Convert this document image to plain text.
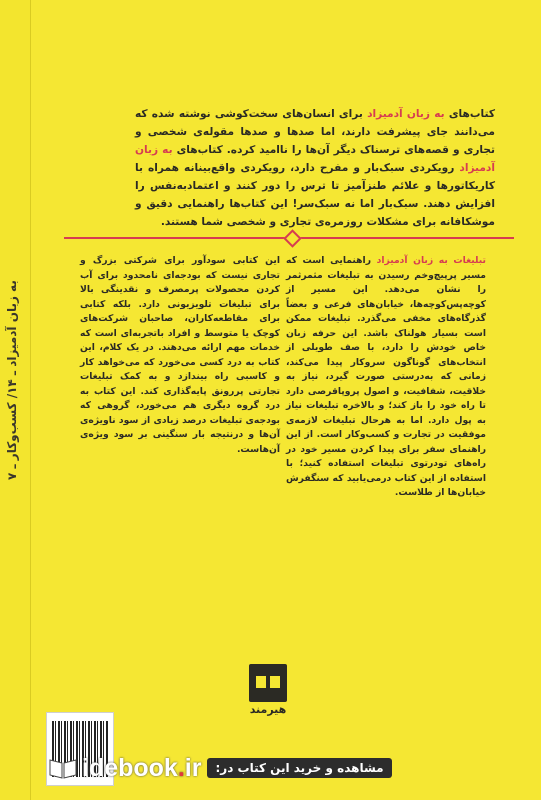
به زبان آدمیزاد ـ ۱۴/ کسب‌وکار ـ ۷
کتاب‌های به زبان آدمیزاد برای انسان‌های سخت‌کوشی نوشته شده که می‌دانند جای پیشرفت دارند، اما صدها و صدها مقوله‌ی شخصی و تجاری و قصه‌های ترسناک دیگر آن‌ها را ناامید کرده. کتاب‌های به زبان آدمیزاد رویکردی سبک‌بار و مفرح دارد، رویکردی واقع‌بینانه همراه با کاریکاتورها و علائم طنزآمیز تا ترس را دور کنند و اعتمادبه‌نفس را افزایش دهند. سبک‌بار اما نه سبک‌سر! این کتاب‌ها راهنمایی دقیق و موشکافانه برای مشکلات روزمره‌ی تجاری و شخصی شما هستند.
تبلیغات به زبان آدمیزاد راهنمایی است که مسیر پرپیچ‌وخم رسیدن به تبلیغات مثمرثمر را نشان می‌دهد. این مسیر از کوچه‌پس‌کوچه‌ها، خیابان‌های فرعی و بعضاً گذرگاه‌های مخفی می‌گذرد. تبلیغات ممکن است بسیار هولناک باشد. این حرفه زبان خاص خودش را دارد، با صف طویلی از انتخاب‌های گوناگون سروکار پیدا می‌کند، زمانی که به‌درستی صورت گیرد، نیاز به خلاقیت، شفافیت، و اصول پروپاقرصی دارد تا راه خود را باز کند؛ و بالاخره تبلیغات نیاز به پول دارد. اما به هرحال تبلیغات لازمه‌ی موفقیت در تجارت و کسب‌وکار است. از این راهنمای سفر برای پیدا کردن مسیر خود در راه‌های تودرتوی تبلیغات استفاده کنید؛ با استفاده از این کتاب درمی‌یابید که سنگفرش خیابان‌ها از طلاست.
این کتابی سودآور برای شرکتی بزرگ و تجاری نیست که بودجه‌ای نامحدود برای آب کردن محصولات پرمصرف و نقدینگی بالا برای تبلیغات تلویزیونی دارد. بلکه کتابی برای مقاطعه‌کاران، صاحبان شرکت‌های کوچک یا متوسط و افراد باتجربه‌ای است که خدمات مهم ارائه می‌دهند. در یک کلام، این کتاب به درد کسی می‌خورد که می‌خواهد کار و کاسبی راه بیندازد و به کمک تبلیغات تجارتی پررونق پایه‌گذاری کند. این کتاب به درد گروه دیگری هم می‌خورد، گروهی که بودجه‌ی تبلیغات درصد زیادی از سود ناویژه‌ی آن‌ها و درنتیجه بار سنگینی بر سود ویژه‌ی آن‌هاست.
هیرمند
idebook . ir	مشاهده و خرید این کتاب در:
